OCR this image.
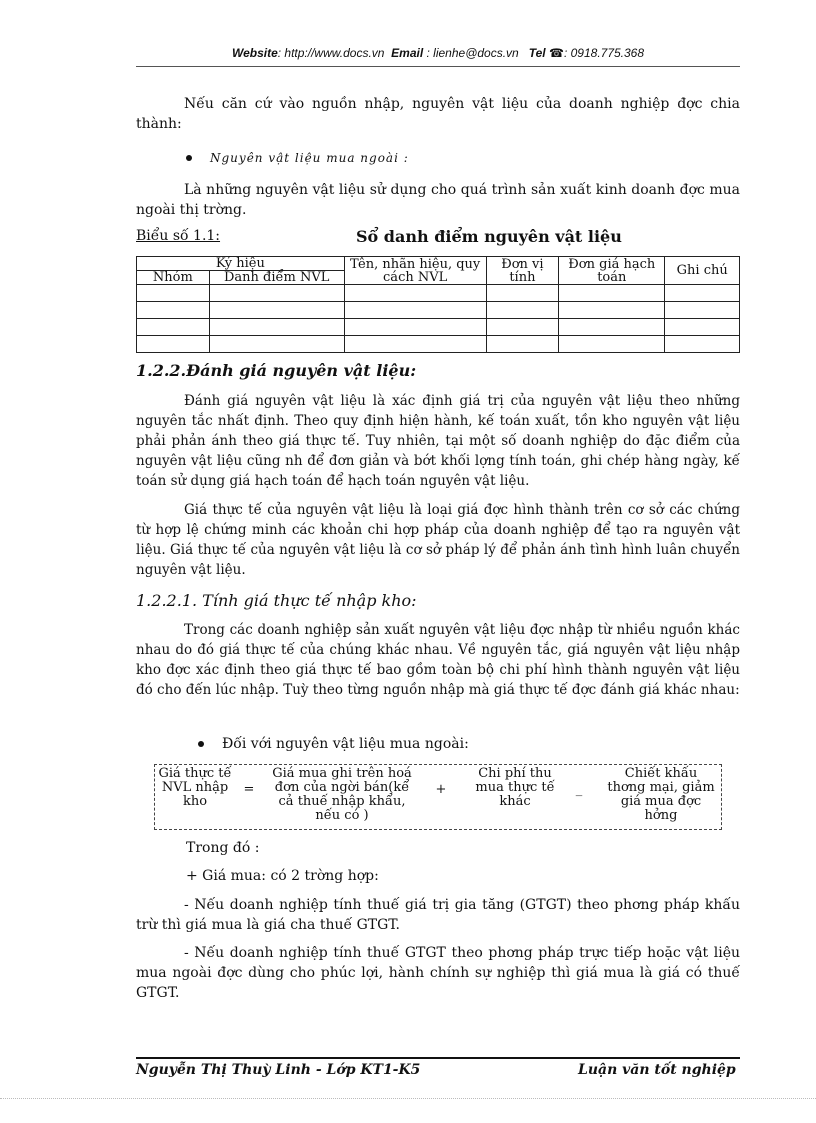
Website: http://www.docs.vn Email : lienhe@docs.vn Tel ☎: 0918.775.368
Nếu căn cứ vào nguồn nhập, nguyên vật liệu của doanh nghiệp đợc chia thành:
Nguyên vật liệu mua ngoài :
Là những nguyên vật liệu sử dụng cho quá trình sản xuất kinh doanh đợc mua ngoài thị trờng.
Biểu số 1.1:	Sổ danh điểm nguyên vật liệu
Ký hiệu		Tên, nhãn hiệu, quy cách NVL	Đơn vị tính	Đơn giá hạch toán	Ghi chú
Nhóm	Danh điểm NVL				

1.2.2.Đánh giá nguyên vật liệu:
Đánh giá nguyên vật liệu là xác định giá trị của nguyên vật liệu theo những nguyên tắc nhất định. Theo quy định hiện hành, kế toán xuất, tồn kho nguyên vật liệu phải phản ánh theo giá thực tế. Tuy nhiên, tại một số doanh nghiệp do đặc điểm của nguyên vật liệu cũng nh để đơn giản và bớt khối lợng tính toán, ghi chép hàng ngày, kế toán sử dụng giá hạch toán để hạch toán nguyên vật liệu.
Giá thực tế của nguyên vật liệu là loại giá đợc hình thành trên cơ sở các chứng từ hợp lệ chứng minh các khoản chi hợp pháp của doanh nghiệp để tạo ra nguyên vật liệu. Giá thực tế của nguyên vật liệu là cơ sở pháp lý để phản ánh tình hình luân chuyển nguyên vật liệu.
1.2.2.1. Tính giá thực tế nhập kho:
Trong các doanh nghiệp sản xuất nguyên vật liệu đợc nhập từ nhiều nguồn khác nhau do đó giá thực tế của chúng khác nhau. Về nguyên tắc, giá nguyên vật liệu nhập kho đợc xác định theo giá thực tế bao gồm toàn bộ chi phí hình thành nguyên vật liệu đó cho đến lúc nhập. Tuỳ theo từng nguồn nhập mà giá thực tế đợc đánh giá khác nhau:
Đối với nguyên vật liệu mua ngoài:
Giá thực tế NVL nhập kho
=
Giá mua ghi trên hoá đơn của ngời bán(kể cả thuế nhập khẩu, nếu có )
+
Chi phí thu mua thực tế khác
_
Chiết khấu thơng mại, giảm giá mua đợc hởng
Trong đó :
+ Giá mua: có 2 trờng hợp:
- Nếu doanh nghiệp tính thuế giá trị gia tăng (GTGT) theo phơng pháp khấu trừ thì giá mua là giá cha thuế GTGT.
- Nếu doanh nghiệp tính thuế GTGT theo phơng pháp trực tiếp hoặc vật liệu mua ngoài đợc dùng cho phúc lợi, hành chính sự nghiệp thì giá mua là giá có thuế GTGT.
Nguyễn Thị Thuỳ Linh - Lớp KT1-K5	Luận văn tốt nghiệp
